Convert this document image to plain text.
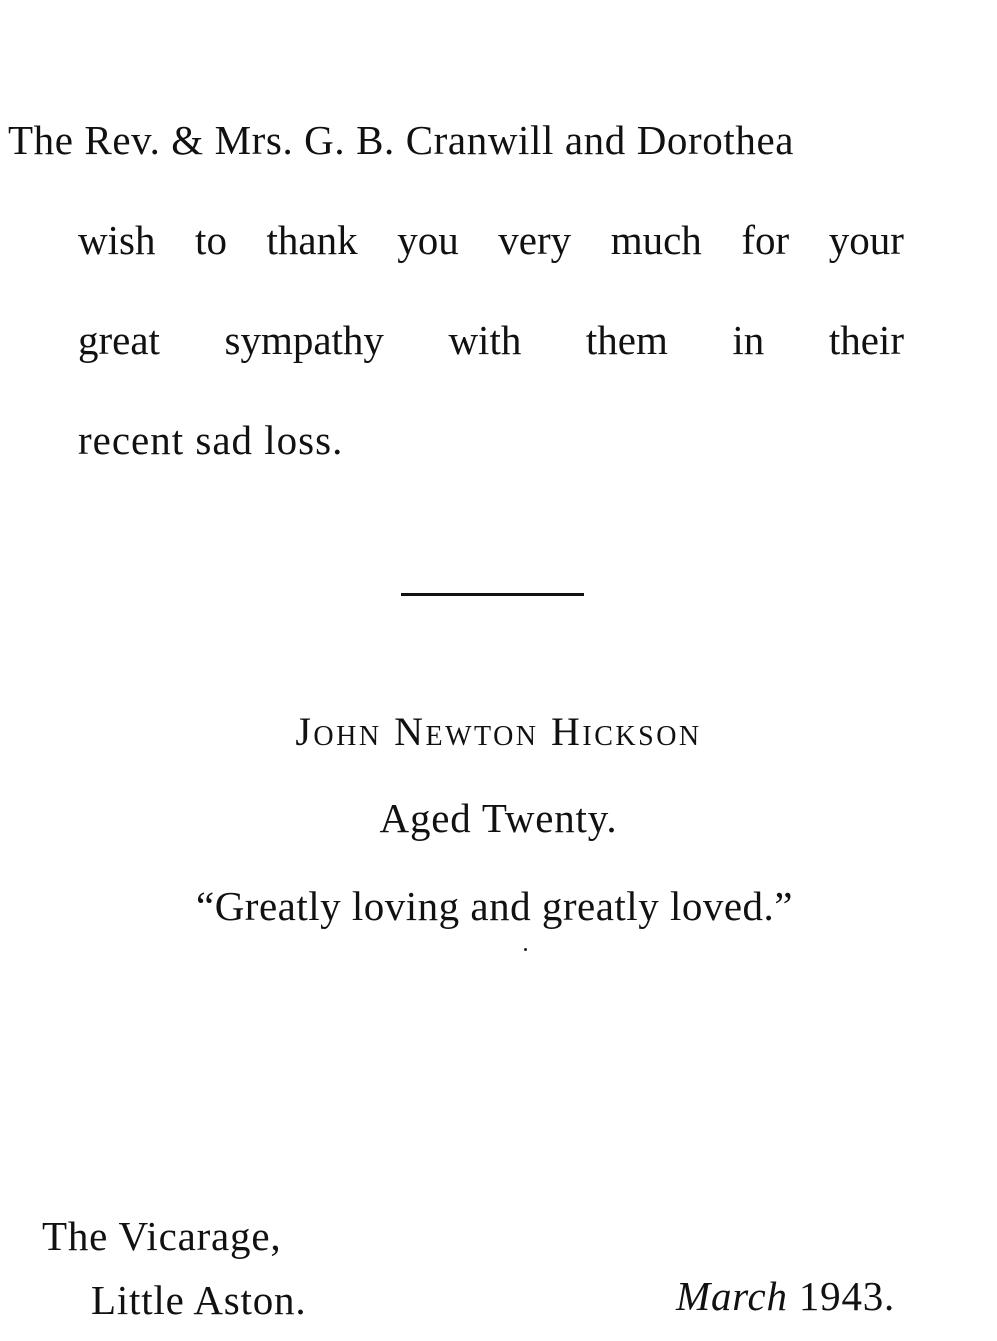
The Rev. & Mrs. G. B. Cranwill and Dorothea
wish to thank you very much for your
great sympathy with them in their
recent sad loss.
John Newton Hickson
Aged Twenty.
“Greatly loving and greatly loved.”
The Vicarage,
Little Aston.	March 1943.
